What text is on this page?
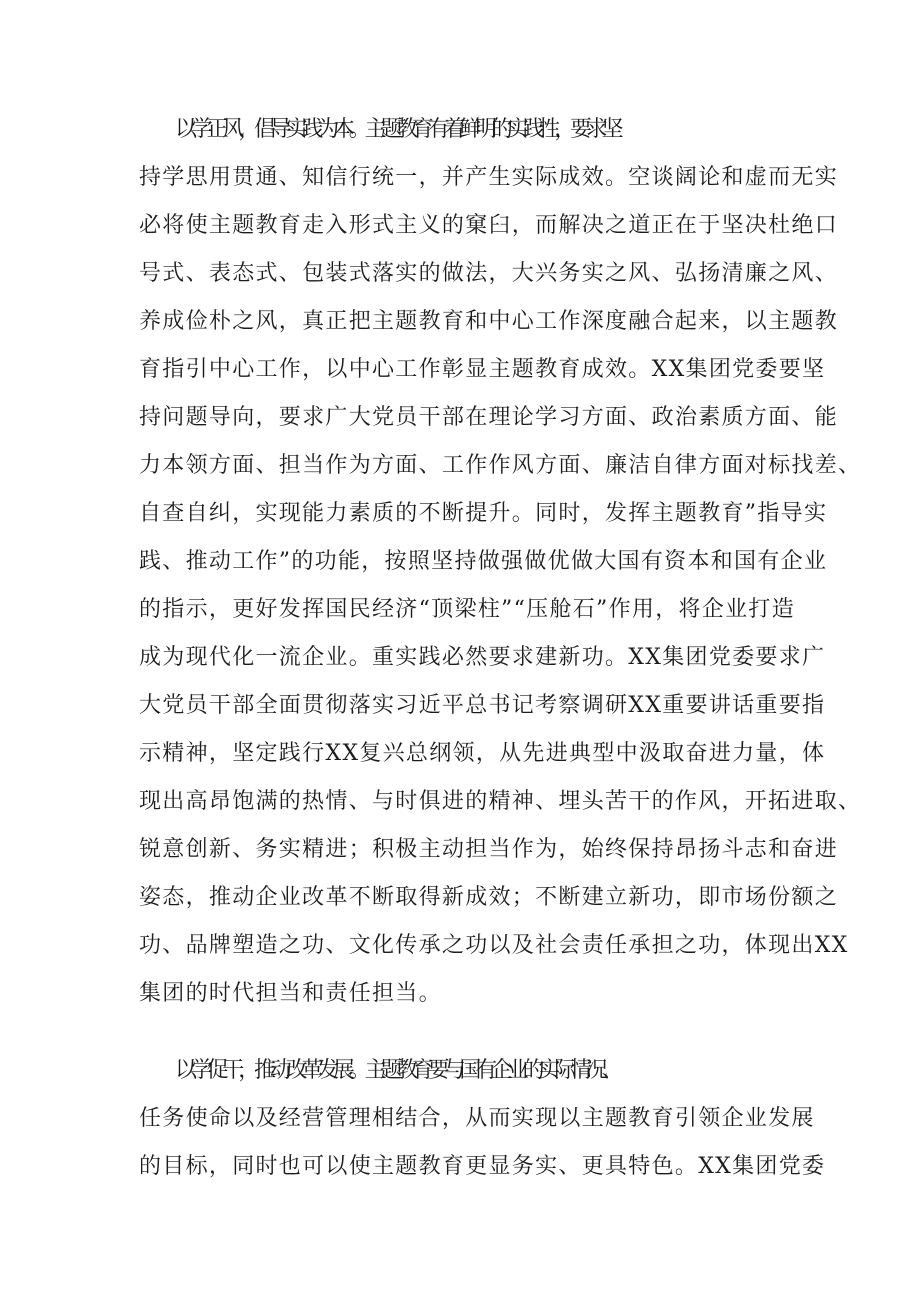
以学正风，倡导实践为本。主题教育有着鲜明的实践性，要求坚
持学思用贯通、知信行统一，并产生实际成效。空谈阔论和虚而无实
必将使主题教育走入形式主义的窠臼，而解决之道正在于坚决杜绝口
号式、表态式、包装式落实的做法，大兴务实之风、弘扬清廉之风、
养成俭朴之风，真正把主题教育和中心工作深度融合起来，以主题教
育指引中心工作，以中心工作彰显主题教育成效。XX集团党委要坚
持问题导向，要求广大党员干部在理论学习方面、政治素质方面、能
力本领方面、担当作为方面、工作作风方面、廉洁自律方面对标找差、
自查自纠，实现能力素质的不断提升。同时，发挥主题教育”指导实
践、推动工作”的功能，按照坚持做强做优做大国有资本和国有企业
的指示，更好发挥国民经济“顶梁柱”“压舱石”作用，将企业打造
成为现代化一流企业。重实践必然要求建新功。XX集团党委要求广
大党员干部全面贯彻落实习近平总书记考察调研XX重要讲话重要指
示精神，坚定践行XX复兴总纲领，从先进典型中汲取奋进力量，体
现出高昂饱满的热情、与时俱进的精神、埋头苦干的作风，开拓进取、
锐意创新、务实精进；积极主动担当作为，始终保持昂扬斗志和奋进
姿态，推动企业改革不断取得新成效；不断建立新功，即市场份额之
功、品牌塑造之功、文化传承之功以及社会责任承担之功，体现出XX
集团的时代担当和责任担当。
以学促干，推动改革发展。主题教育要与国有企业的实际情况、
任务使命以及经营管理相结合，从而实现以主题教育引领企业发展
的目标，同时也可以使主题教育更显务实、更具特色。XX集团党委
